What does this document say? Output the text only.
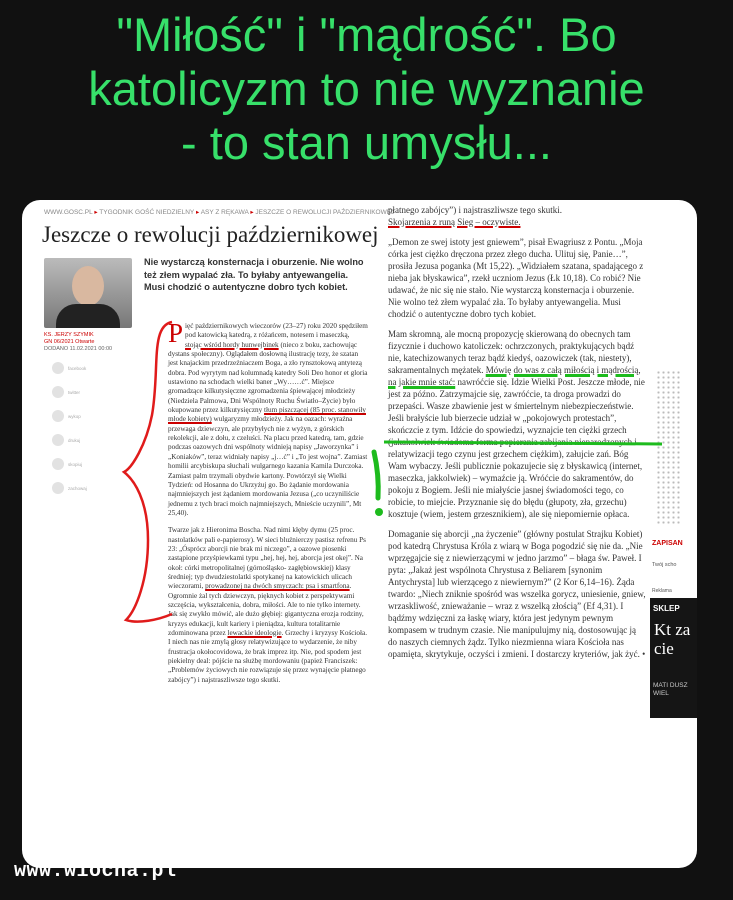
"Miłość" i "mądrość". Bo
katolicyzm to nie wyznanie
- to stan umysłu...
WWW.GOSC.PL ▸ TYGODNIK GOŚĆ NIEDZIELNY ▸ ASY Z RĘKAWA ▸ JESZCZE O REWOLUCJI PAŹDZIERNIKOWEJ
Jeszcze o rewolucji październikowej
KS. JERZY SZYMIK
GN 06/2021 Otwarte
DODANO 11.02.2021 00:00
facebook
twitter
wykop
drukuj
skopiuj
zachowaj
Nie wystarczą konsternacja i oburzenie. Nie wolno też złem wypalać zła. To byłaby antyewangelia. Musi chodzić o autentyczne dobro tych kobiet.

Pięć październikowych wieczorów (23–27) roku 2020 spędziłem pod katowicką katedrą, z różańcem, notesem i maseczką, stojąc wśród hordy hunwejbinek (nieco z boku, zachowując dystans społeczny). Oglądałem dosłowną ilustrację tezy, że szatan jest knajackim przedrzeźniaczem Boga, a zło rynsztokową antytezą dobra. Pod wyrytym nad kolumnadą katedry Soli Deo honor et gloria ustawiono na schodach wielki baner „Wy……ć”. Miejsce gromadzące kilkutysięczne zgromadzenia śpiewającej młodzieży (Niedziela Palmowa, Dni Wspólnoty Ruchu Światło–Życie) było okupowane przez kilkutysięczny tłum piszczącej (85 proc. stanowiły młode kobiety) wulgaryzmy młodzieży. Jak na oazach: wyraźna przewaga dziewczyn, ale przybyłych nie z wyżyn, z górskich rekolekcji, ale z dołu, z czeluści. Na placu przed katedrą, tam, gdzie podczas oazowych dni wspólnoty widnieją napisy „Jaworzynka” i „Koniaków”, teraz widniały napisy „j…ć” i „To jest wojna”. Zamiast homilii arcybiskupa słuchali wulgarnego kazania Kamila Durczoka. Zamiast palm trzymali obydwie kartony. Powtórzył się Wielki Tydzień: od Hosanna do Ukrzyżuj go. Bo żądanie mordowania najmniejszych jest żądaniem mordowania Jezusa („co uczyniliście jednemu z tych braci moich najmniejszych, Mnieście uczynili”, Mt 25,40).

Twarze jak z Hieronima Boscha. Nad nimi kłęby dymu (25 proc. nastolatków pali e-papierosy). W sieci bluźnierczy pastisz refrenu Ps 23: „Ósprócz aborcji nie brak mi niczego”, a oazowe piosenki zastąpione przyśpiewkami typu „hej, hej, hej, aborcja jest okej”. Na okoł: córki metropolitalnej (górnośląsko- zagłębiowskiej) klasy średniej; typ dwudziestolatki spotykanej na katowickich ulicach wieczorami, prowadzonej na dwóch smyczach: psa i smartfona. Ogromnie żal tych dziewczyn, pięknych kobiet z perspektywami szczęścia, wykształcenia, dobra, miłości. Ale to nie tylko internety. Jak się zwykło mówić, ale dużo głębiej: gigantyczna erozja rodziny, kryzys edukacji, kult kariery i pieniądza, kultura totalitarnie zdominowana przez lewackie ideologie. Grzechy i kryzysy Kościoła. I niech nas nie zmylą głosy relatywizujące to wydarzenie, że niby frustracja okołocovidowa, że brak imprez itp. Nie, pod spodem jest piekielny deal: pójście na służbę mordowaniu (papież Franciszek: „Problemów życiowych nie rozwiązuje się przez wynajęcie płatnego zabójcy”) i najstraszliwsze tego skutki.

płatnego zabójcy”) i najstraszliwsze tego skutki.
Skojarzenia z runą Sieg – oczywiste.

„Demon ze swej istoty jest gniewem”, pisał Ewagriusz z Pontu. „Moja córka jest ciężko dręczona przez złego ducha. Ulituj się, Panie…”, prosiła Jezusa poganka (Mt 15,22). „Widziałem szatana, spadającego z nieba jak błyskawica”, rzekł uczniom Jezus (Łk 10,18). Co robić? Nie udawać, że nic się nie stało. Nie wystarczą konsternacja i oburzenie. Nie wolno też złem wypalać zła. To byłaby antyewangelia. Musi chodzić o autentyczne dobro tych kobiet.

Mam skromną, ale mocną propozycję skierowaną do obecnych tam fizycznie i duchowo katoliczek: ochrzczonych, praktykujących bądź nie, katechizowanych teraz bądź kiedyś, oazowiczek (tak, niestety), sakramentalnych mężatek. Mówię do was z całą miłością i mądrością, na jakie mnie stać: nawróćcie się. Idzie Wielki Post. Jeszcze młode, nie jest za późno. Zatrzymajcie się, zawróćcie, ta droga prowadzi do przepaści. Wasze zbawienie jest w śmiertelnym niebezpieczeństwie. Jeśli brałyście lub bierzecie udział w „pokojowych protestach”, skończcie z tym. Idźcie do spowiedzi, wyznajcie ten ciężki grzech (jakakolwiek świadoma forma popierania zabijania nienarodzonych i relatywizacji tego czynu jest grzechem ciężkim), załujcie zań. Bóg Wam wybaczy. Jeśli publicznie pokazujecie się z błyskawicą (internet, maseczka, jakkolwiek) – wymaźcie ją. Wróćcie do sakramentów, do pokoju z Bogiem. Jeśli nie miałyście jasnej świadomości tego, co robicie, to miejcie. Przyznanie się do błędu (głupoty, zła, grzechu) kosztuje (wiem, jestem grzesznikiem), ale się niepomiernie opłaca.

Domaganie się aborcji „na życzenie” (główny postulat Strajku Kobiet) pod katedrą Chrystusa Króla z wiarą w Boga pogodzić się nie da. „Nie wprzęgajcie się z niewierzącymi w jedno jarzmo” – błaga św. Paweł. I pyta: „Jakaż jest wspólnota Chrystusa z Beliarem [synonim Antychrysta] lub wierzącego z niewiernym?” (2 Kor 6,14–16). Żąda twardo: „Niech zniknie spośród was wszelka gorycz, uniesienie, gniew, wrzaskliwość, znieważanie – wraz z wszelką złością” (Ef 4,31). I bądźmy wdzięczni za łaskę wiary, która jest jedynym pewnym kompasem w trudnym czasie. Nie manipulujmy nią, dostosowując ją do naszych ciemnych żądz. Tylko niezmienna wiara Kościoła nas opamięta, skrytykuje, oczyści i zmieni. I dostarczy kryteriów, jak żyć. •

ZAPISAN
Twój scho
Reklama
SKLEP
Kt za cie
MATI DUSZ WIEL
www.wiocha.pl
